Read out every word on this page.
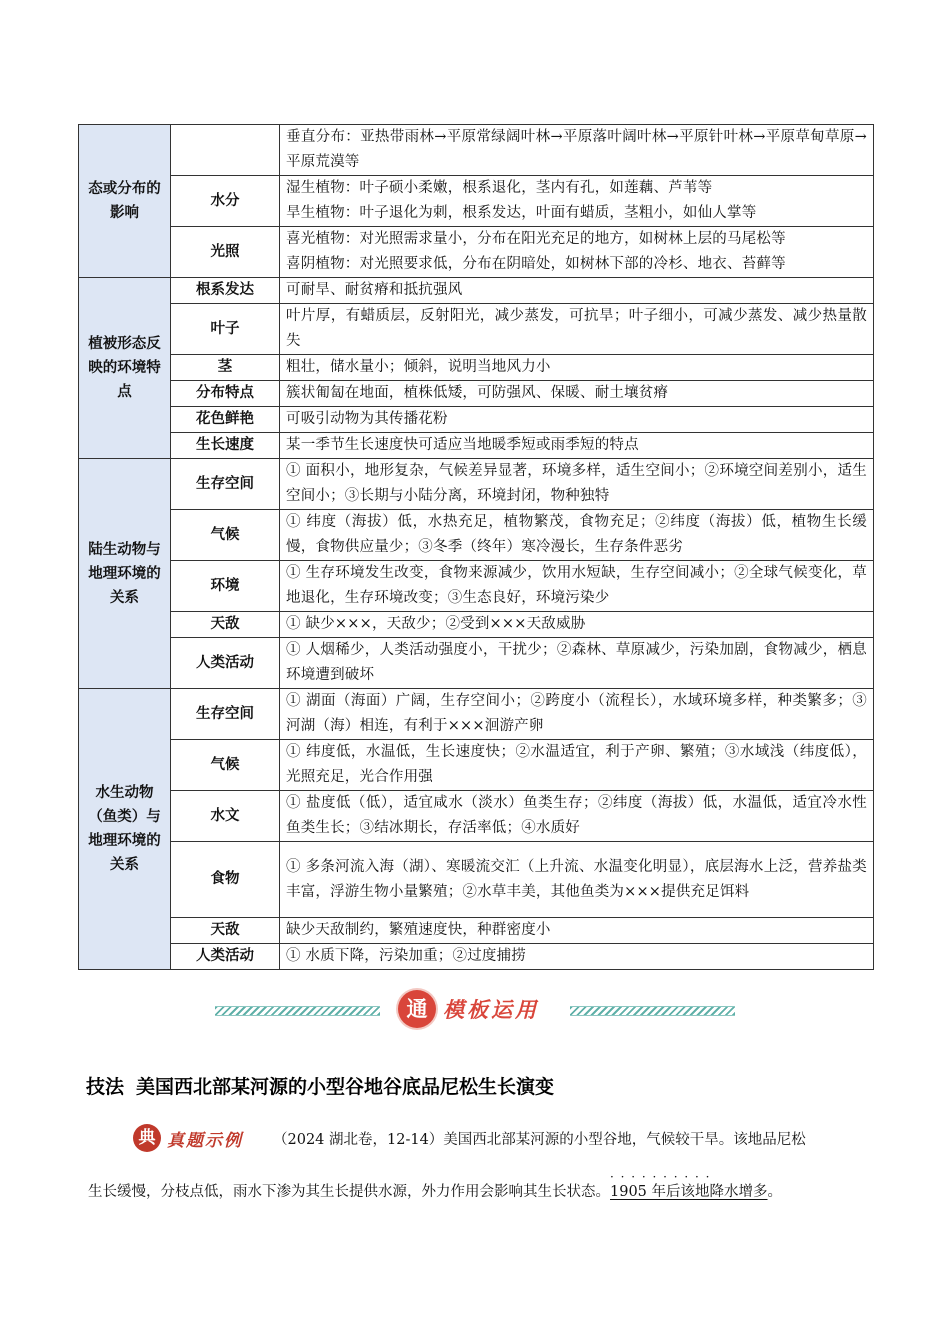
态或分布的影响		垂直分布：亚热带雨林→平原常绿阔叶林→平原落叶阔叶林→平原针叶林→平原草甸草原→平原荒漠等
	水分	湿生植物：叶子硕小柔嫩，根系退化，茎内有孔，如莲藕、芦苇等
旱生植物：叶子退化为刺，根系发达，叶面有蜡质，茎粗小，如仙人掌等

	光照	喜光植物：对光照需求量小，分布在阳光充足的地方，如树林上层的马尾松等
喜阴植物：对光照要求低，分布在阴暗处，如树林下部的冷杉、地衣、苔藓等

植被形态反映的环境特点	根系发达	可耐旱、耐贫瘠和抵抗强风
	叶子	叶片厚，有蜡质层，反射阳光，减少蒸发，可抗旱；叶子细小，可减少蒸发、减少热量散失
	茎	粗壮，储水量小；倾斜，说明当地风力小
	分布特点	簇状匍匐在地面，植株低矮，可防强风、保暖、耐土壤贫瘠
	花色鲜艳	可吸引动物为其传播花粉
	生长速度	某一季节生长速度快可适应当地暖季短或雨季短的特点
陆生动物与地理环境的关系	生存空间	① 面积小，地形复杂，气候差异显著，环境多样，适生空间小；②环境空间差别小，适生空间小；③长期与小陆分离，环境封闭，物种独特
	气候	① 纬度（海拔）低，水热充足，植物繁茂，食物充足；②纬度（海拔）低，植物生长缓慢，食物供应量少；③冬季（终年）寒冷漫长，生存条件恶劣
	环境	① 生存环境发生改变，食物来源减少，饮用水短缺，生存空间减小；②全球气候变化，草地退化，生存环境改变；③生态良好，环境污染少
	天敌	① 缺少×××，天敌少；②受到×××天敌威胁
	人类活动	① 人烟稀少，人类活动强度小，干扰少；②森林、草原减少，污染加剧，食物减少，栖息环境遭到破坏
水生动物（鱼类）与地理环境的关系	生存空间	① 湖面（海面）广阔，生存空间小；②跨度小（流程长），水域环境多样，种类繁多；③河湖（海）相连，有利于×××洄游产卵
	气候	① 纬度低，水温低，生长速度快；②水温适宜，利于产卵、繁殖；③水域浅（纬度低），光照充足，光合作用强
	水文	① 盐度低（低），适宜咸水（淡水）鱼类生存；②纬度（海拔）低，水温低，适宜冷水性鱼类生长；③结冰期长，存活率低；④水质好
	食物	① 多条河流入海（湖）、寒暖流交汇（上升流、水温变化明显），底层海水上泛，营养盐类丰富，浮游生物小量繁殖；②水草丰美，其他鱼类为×××提供充足饵料
	天敌	缺少天敌制约，繁殖速度快，种群密度小
	人类活动	① 水质下降，污染加重；②过度捕捞
通 模板运用
技法 美国西北部某河源的小型谷地谷底品尼松生长演变
典 真题示例 （2024 湖北卷，12-14）美国西北部某河源的小型谷地，气候较干旱。该地品尼松
生长缓慢，分枝点低，雨水下渗为其生长提供水源，外力作用会影响其生长状态。· · · 1905 年后该地降水增多。
